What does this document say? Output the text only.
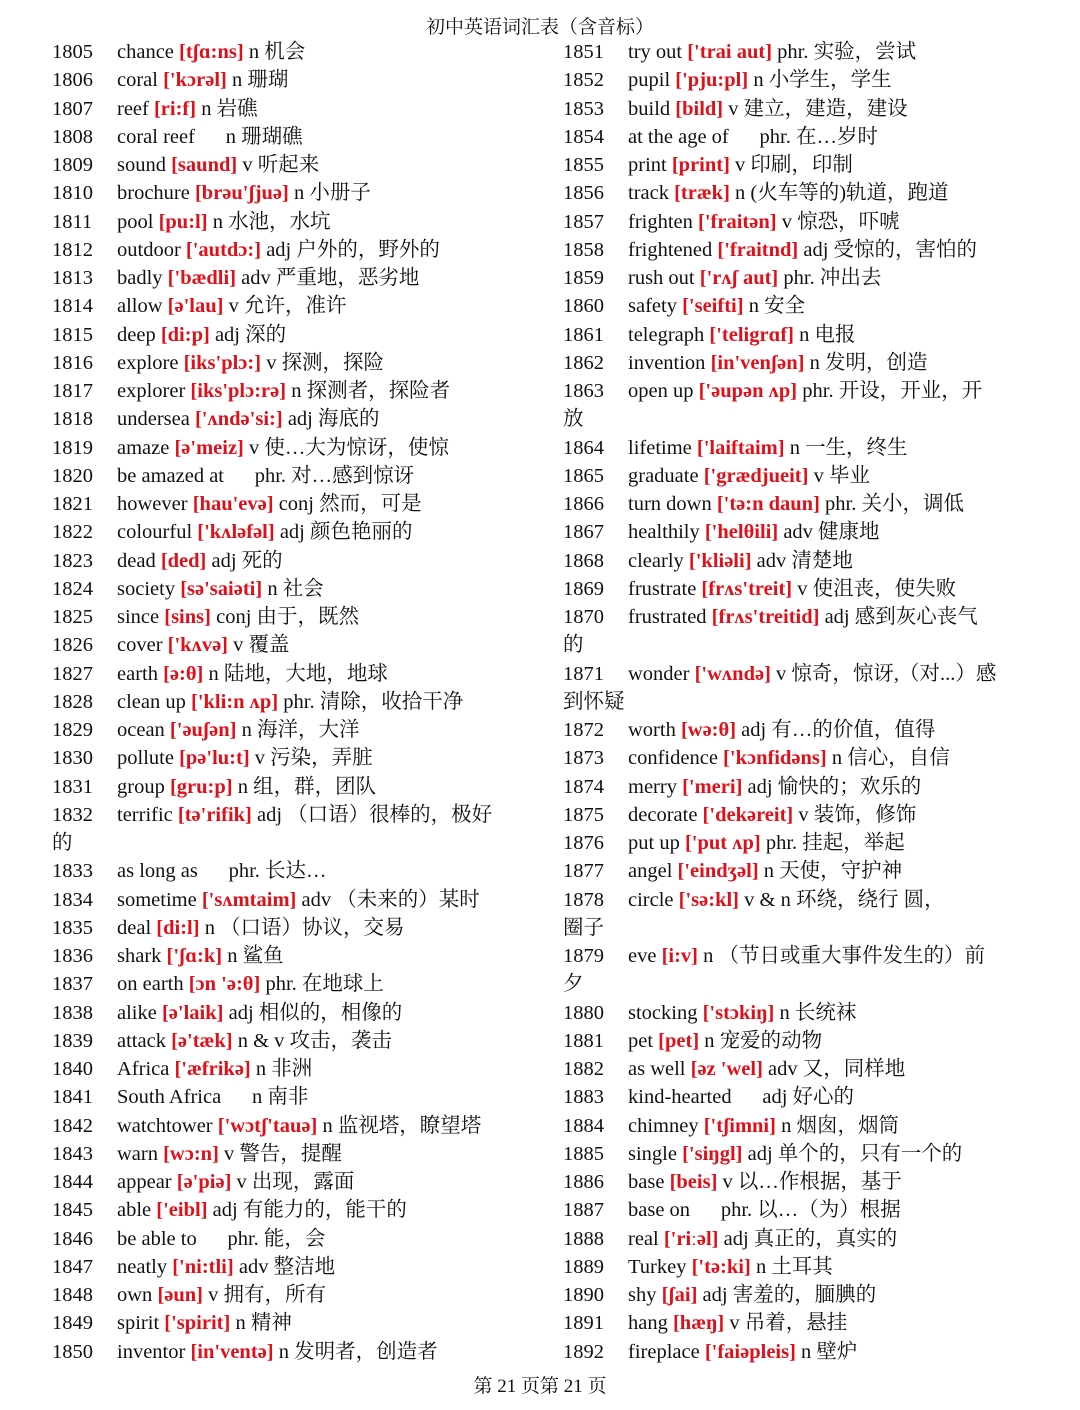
初中英语词汇表（含音标）
1805 chance [tʃɑ:ns] n 机会
1806 coral ['kɔrəl] n 珊瑚
1807 reef [ri:f] n 岩礁
1808 coral reef   n 珊瑚礁
1809 sound [saund] v 听起来
1810 brochure [brəu'ʃjuə] n 小册子
1811 pool [pu:l] n 水池，水坑
1812 outdoor ['autdɔ:] adj 户外的，野外的
1813 badly ['bædli] adv 严重地，恶劣地
1814 allow [ə'lau] v 允许，准许
1815 deep [di:p] adj 深的
1816 explore [iks'plɔ:] v 探测，探险
1817 explorer [iks'plɔ:rə] n 探测者，探险者
1818 undersea ['ʌndə'si:] adj 海底的
1819 amaze [ə'meiz] v 使…大为惊讶，使惊
1820 be amazed at   phr. 对…感到惊讶
1821 however [hau'evə] conj 然而，可是
1822 colourful ['kʌləfəl] adj 颜色艳丽的
1823 dead [ded] adj 死的
1824 society [sə'saiəti] n 社会
1825 since [sins] conj 由于，既然
1826 cover ['kʌvə] v 覆盖
1827 earth [ə:θ] n 陆地，大地，地球
1828 clean up ['kli:n ʌp] phr. 清除，收拾干净
1829 ocean ['əuʃən] n 海洋，大洋
1830 pollute [pə'lu:t] v 污染，弄脏
1831 group [gru:p] n 组，群，团队
1832 terrific [tə'rifik] adj （口语）很棒的，极好
的
1833 as long as   phr. 长达…
1834 sometime ['sʌmtaim] adv （未来的）某时
1835 deal [di:l] n （口语）协议，交易
1836 shark ['ʃɑ:k] n 鲨鱼
1837 on earth [ɔn 'ə:θ] phr. 在地球上
1838 alike [ə'laik] adj 相似的，相像的
1839 attack [ə'tæk] n & v 攻击，袭击
1840 Africa ['æfrikə] n 非洲
1841 South Africa   n 南非
1842 watchtower ['wɔtʃ'tauə] n 监视塔，瞭望塔
1843 warn [wɔ:n] v 警告，提醒
1844 appear [ə'piə] v 出现，露面
1845 able ['eibl] adj 有能力的，能干的
1846 be able to   phr. 能，会
1847 neatly ['ni:tli] adv 整洁地
1848 own [əun] v 拥有，所有
1849 spirit ['spirit] n 精神
1850 inventor [in'ventə] n 发明者，创造者
1851 try out ['trai aut] phr. 实验，尝试
1852 pupil ['pju:pl] n 小学生，学生
1853 build [bild] v 建立，建造，建设
1854 at the age of   phr. 在…岁时
1855 print [print] v 印刷，印制
1856 track [træk] n (火车等的)轨道，跑道
1857 frighten ['fraitən] v 惊恐，吓唬
1858 frightened ['fraitnd] adj 受惊的，害怕的
1859 rush out ['rʌʃ aut] phr. 冲出去
1860 safety ['seifti] n 安全
1861 telegraph ['teligrɑf] n 电报
1862 invention [in'venʃən] n 发明，创造
1863 open up ['əupən ʌp] phr. 开设，开业，开
放
1864 lifetime ['laiftaim] n 一生，终生
1865 graduate ['grædjueit] v 毕业
1866 turn down ['tə:n daun] phr. 关小，调低
1867 healthily ['helθili] adv 健康地
1868 clearly ['kliəli] adv 清楚地
1869 frustrate [frʌs'treit] v 使沮丧，使失败
1870 frustrated [frʌs'treitid] adj 感到灰心丧气
的
1871 wonder ['wʌndə] v 惊奇，惊讶,（对...）感
到怀疑
1872 worth [wə:θ] adj 有…的价值，值得
1873 confidence ['kɔnfidəns] n 信心，自信
1874 merry ['meri] adj 愉快的；欢乐的
1875 decorate ['dekəreit] v 装饰，修饰
1876 put up ['put ʌp] phr. 挂起，举起
1877 angel ['eindʒəl] n 天使，守护神
1878 circle ['sə:kl] v & n 环绕，绕行 圆，
圈子
1879 eve [i:v] n （节日或重大事件发生的）前
夕
1880 stocking ['stɔkiŋ] n 长统袜
1881 pet [pet] n 宠爱的动物
1882 as well [əz 'wel] adv 又，同样地
1883 kind-hearted   adj 好心的
1884 chimney ['tʃimni] n 烟囱，烟筒
1885 single ['siŋgl] adj 单个的，只有一个的
1886 base [beis] v 以…作根据，基于
1887 base on   phr. 以…（为）根据
1888 real ['riːəl] adj 真正的，真实的
1889 Turkey ['tə:ki] n 土耳其
1890 shy [ʃai] adj 害羞的，腼腆的
1891 hang [hæŋ] v 吊着，悬挂
1892 fireplace ['faiəpleis] n 壁炉
第 21 页第 21 页
